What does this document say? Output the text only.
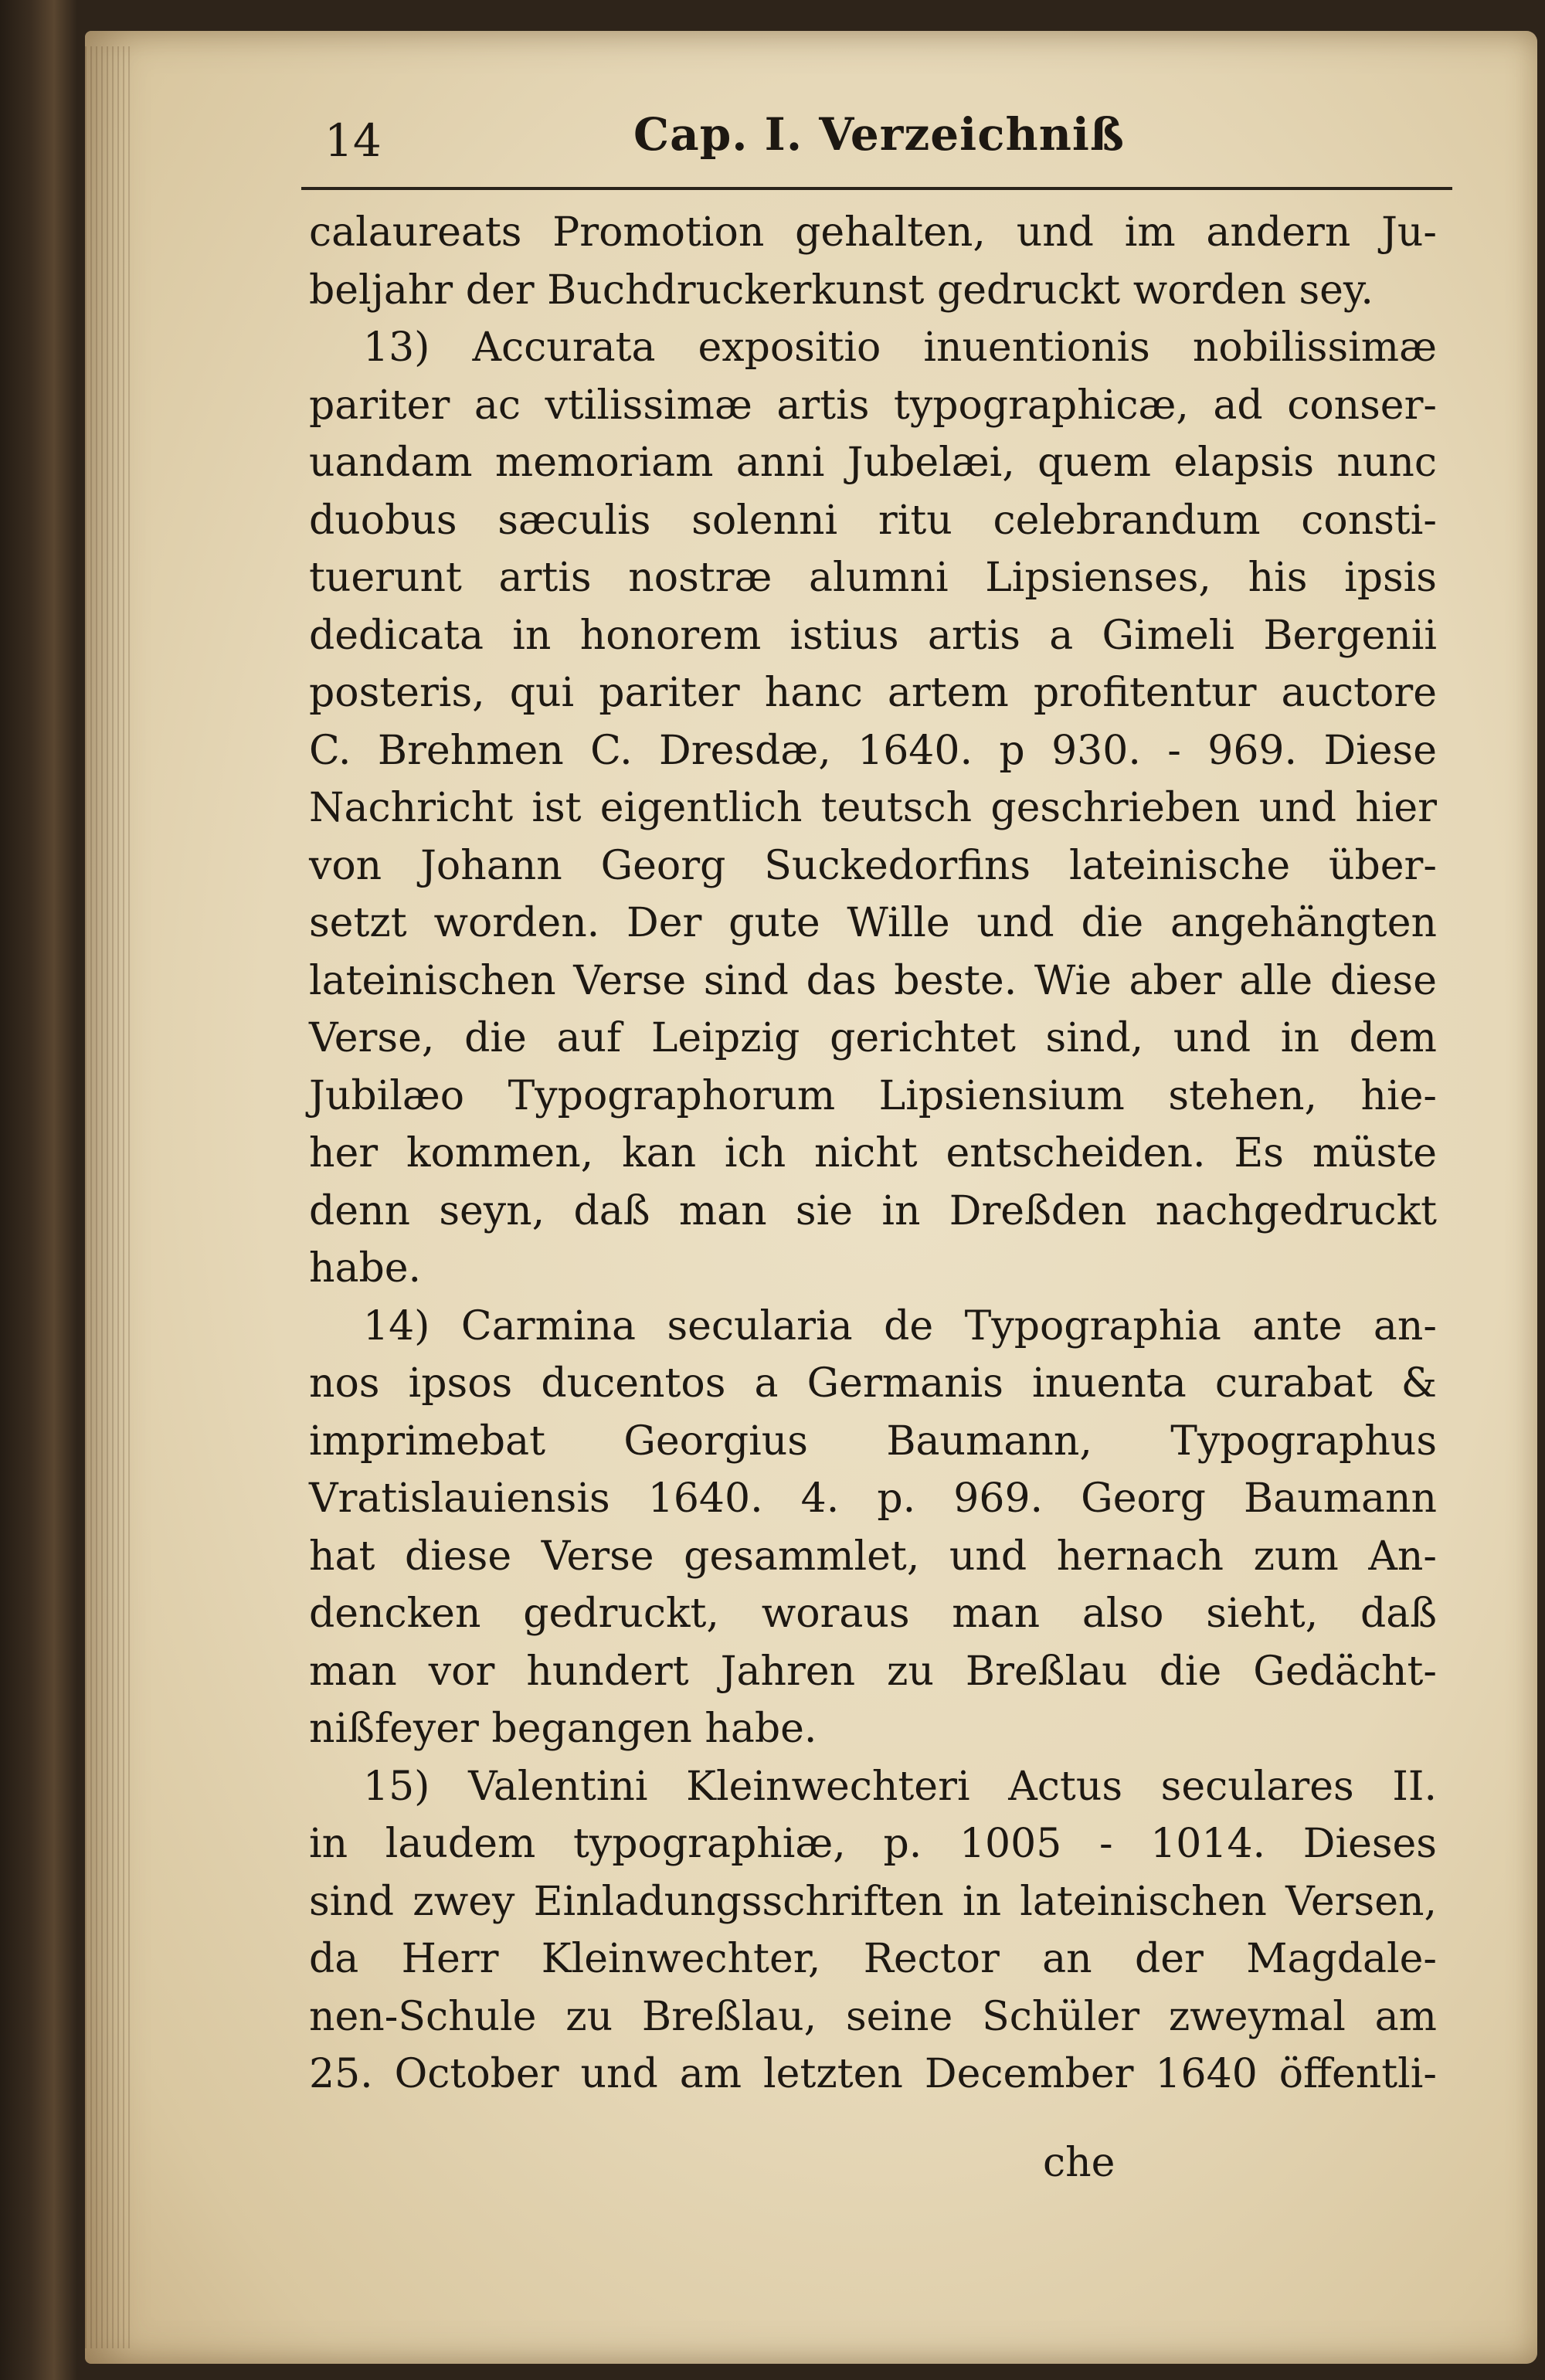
14	Cap. I. Verzeichniß
calaureats Promotion gehalten, und im andern Ju-
beljahr der Buchdruckerkunst gedruckt worden sey.
13) Accurata expositio inuentionis nobilissimæ
pariter ac vtilissimæ artis typographicæ, ad conser-
uandam memoriam anni Jubelæi, quem elapsis nunc
duobus sæculis solenni ritu celebrandum consti-
tuerunt artis nostræ alumni Lipsienses, his ipsis
dedicata in honorem istius artis a Gimeli Bergenii
posteris, qui pariter hanc artem profitentur auctore
C. Brehmen C. Dresdæ, 1640. p 930. - 969. Diese
Nachricht ist eigentlich teutsch geschrieben und hier
von Johann Georg Suckedorfins lateinische über-
setzt worden. Der gute Wille und die angehängten
lateinischen Verse sind das beste. Wie aber alle diese
Verse, die auf Leipzig gerichtet sind, und in dem
Jubilæo Typographorum Lipsiensium stehen, hie-
her kommen, kan ich nicht entscheiden. Es müste
denn seyn, daß man sie in Dreßden nachgedruckt
habe.
14) Carmina secularia de Typographia ante an-
nos ipsos ducentos a Germanis inuenta curabat &
imprimebat Georgius Baumann, Typographus
Vratislauiensis 1640. 4. p. 969. Georg Baumann
hat diese Verse gesammlet, und hernach zum An-
dencken gedruckt, woraus man also sieht, daß
man vor hundert Jahren zu Breßlau die Gedächt-
nißfeyer begangen habe.
15) Valentini Kleinwechteri Actus seculares II.
in laudem typographiæ, p. 1005 - 1014. Dieses
sind zwey Einladungsschriften in lateinischen Versen,
da Herr Kleinwechter, Rector an der Magdale-
nen-Schule zu Breßlau, seine Schüler zweymal am
25. October und am letzten December 1640 öffentli-
che
